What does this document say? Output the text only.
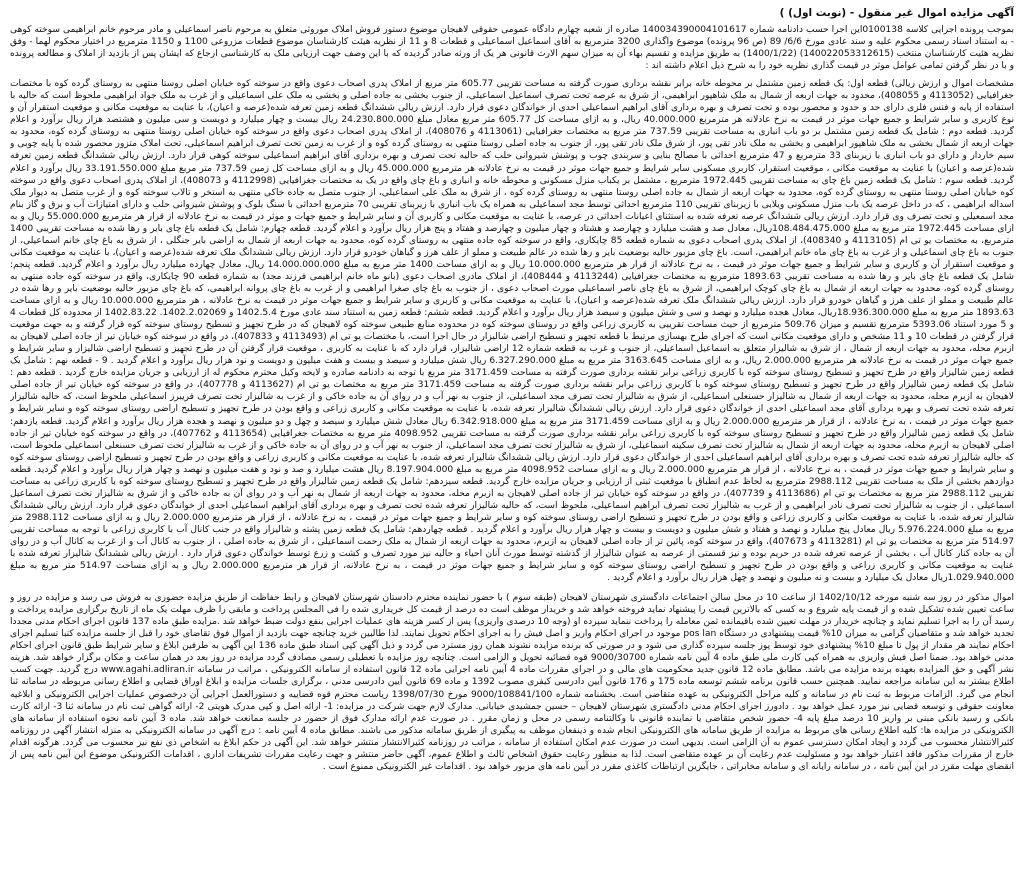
آگهی مزایده اموال غیر منقول - (نوبت اول) )

بموجب پرونده اجرایی کلاسه 0100138این اجرا حسب دادنامه شماره 140034390004101617 صادره از شعبه چهارم دادگاه عمومی حقوقی لاهیجان موضوع دستور فروش املاک موروثی متعلق به مرحوم ناصر اسماعیلی و مادر مرحوم خانم ابراهیمی سوخته کوهی - به استناد اسناد رسمی محکوم علیه و سند عادی مورخ 6/6/ 89 (ص 96 پرونده) موضوع واگذاری 3200 مترمربع به آقای اسماعیل اسماعیلی و قطعات 8 و 11 از نظریه هیئت کارشناسان موضوع قطعات مزروعی 1100 و 1150 مترمربع در اختیار محکوم لهما - وفق نظریه هئیت کارشناسان منتخب (140022053312615) (1400/1/22) به طریق مزایده و تقسیم بهاء آن به میزان سهم الارث قانونی هر یک از ورثه صادر گردیده که با این وصف جهت ارزیابی ملک به کارشناسی ارجاع که ایشان پس از بازدید از املاک و مطالعه پرونده و با در نظر گرفتن تمامی عوامل موثر در قیمت گذاری نظریه خود را به شرح ذیل اعلام داشته اند :

مشخصات اموال و ارزش ریالی) قطعه اول: یک قطعه زمین مشتمل بر محوطه خانه برابر نقشه برداری صورت گرفته به مساحت تقریبی 605.77 متر مربع از املاک پدری اصحاب دعوی واقع در سوخته کوه خیابان اصلی روستا منتهی به روستای گرده کوه با مختصات جغرافیایی (4113052 و 408055)، محدود به جهات اربعه از شمال به ملک شاهپور ابراهیمی، از شرق به عرصه تحت تصرف اسماعیل اسماعیلی، از جنوب بخشی به جاده اصلی و بخشی به ملک علی اسماعیلی و از غرب به ملک جواد ابراهیمی ملحوظ است که حالیه با استفاده از پایه و فنس فلزی دارای حد و حدود و محصور بوده و تحت تصرف و بهره برداری آقای ابراهیم اسماعیلی احدی از خواندگان دعوی قرار دارد. ارزش ریالی ششدانگ قطعه زمین تعرفه شده(عرصه و اعیان)، با عنایت به موقعیت مکانی و موقعیت استقرار آن و نوع کاربری و سایر شرایط و جمیع جهات موثر در قیمت به نرخ عادلانه هر مترمربع 40.000.000 ریال، و به ازای مساحت کل 605.77 متر مربع معادل مبلغ 24.230.800.000 ریال بیست و چهار میلیارد و دویست و سی میلیون و هشتصد هزار ریال برآورد و اعلام گردید. قطعه دوم : شامل یک قطعه زمین مشتمل بر دو باب انباری به مساحت تقریبی 737.59 متر مربع به مختصات جغرافیایی (4113061 و 408076)، از املاک پدری اصحاب دعوی واقع در سوخته کوه خیابان اصلی روستا منتهی به روستای گرده کوه، محدود به جهات اربعه از شمال بخشی به ملک شاهپور ابراهیمی و بخشی به ملک نادر تقی پور، از شرق ملک نادر تقی پور، از جنوب به جاده اصلی روستا منتهی به روستای گرده کوه و از غرب به زمین تحت تصرف ابراهیم اسماعیلی، تحت املاک متزور محصور شده با پایه چوبی و سیم خاردار و دارای دو باب انباری با زیربنای 33 مترمربع و 47 مترمربع احداثی با مصالح بنایی و سربندی چوب و پوشش شیروانی حلب که حالیه تحت تصرف و بهره برداری آقای ابراهیم اسماعیلی سوخته کوهی قرار دارد. ارزش ریالی ششدانگ قطعه زمین تعرفه شده(عرصه و اعیان) با عنایت به موقعیت مکانی ، موقعیت استقرار، کاربری مسکونی سایر شرایط و جمیع جهات موثر در قیمت به نرخ عادلانه هر مترمربع 45.000.000 ریال و به ازای مساحت کل زمین 737.59 متر مربع مبلغ 33.191.550.000 ریال برآورد و اعلام گردید. قطعه سوم : شامل یک قطعه زمین باغ چای به مساحت تقریبی 1972.445 مترمربع ، مشتمل بر یکباب منزل مسکونی و محوطه خانه و انباری و باغ چای واقع در یک به مختصات جغرافیایی (4112998 و 408073)، از املاک پدری اصحاب دعوی واقع در سوخته کوه خیابان اصلی روستا منتهی به روستای گرده کوه، محدود به جهات اربعه از شمال به جاده اصلی روستا منتهی به روستای گرده کوه ، از شرق به ملک علی اسماعیلی، از جنوب متصل به جاده خاکی منتهی به استخر و تالاب سوخته کوه و از غرب متصل به دیوار ملک اسداله ابراهیمی ، که در داخل عرصه یک باب منزل مسکونی ویلایی با زیربنای تقریبی 110 مترمربع احداثی توسط مجد اسماعیلی به همراه یک باب انباری با زیربنای تقریبی 70 مترمربع احداثی با سنگ بلوک و پوشش شیروانی حلب و دارای امتیازات آب و برق و گاز بنام مجد اسمعیلی و تحت تصرف وی قرار دارد. ارزش ریالی ششدانگ عرصه تعرفه شده به استثنای اعیانات احداثی در عرصه، با عنایت به موقعیت مکانی و کاربری آن و سایر شرایط و جمیع جهات و موثر در قیمت به نرخ عادلانه از قرار هر مترمربع 55.000.000 ریال و به ازای مساحت 1972.445 متر مربع به مبلغ 108.484.475.000ریال، معادل صد و هشت میلیارد و چهارصد و هشتاد و چهار میلیون و چهارصد و هفتاد و پنج هزار ریال برآورد و اعلام گردید. قطعه چهارم: شامل یک قطعه باغ چای بایر و رها شده به مساحت تقریبی 1400 مترمربع، به مختصات یو تی ام (4113105 و 408340)، از املاک پدری اصحاب دعوی به شماره قطعه 85 چایکاری، واقع در سوخته کوه جاده منتهی به روستای گرده کوه، محدود به جهات اربعه از شمال به اراضی بایر جنگلی ، از شرق به باغ چای خانم اسماعیلی، از جنوب به باغ چای اسماعیلی و از غرب به باغ چای ماه خانم ابراهیمی، است. باغ چای مزبور حالیه بوضعیت بایر و رها شده در عالم طبیعت و مملو از علف هرز و گیاهان خودرو قرار دارد. ارزش ریالی ششدانگ ملک تعرفه شده(عرصه و اعیان)، با عنایت به موقعیت مکانی و موقعیت استقرار آن و کاربری و سایر شرایط و جمیع جهات موثر در قیمت ، به نرخ عادلانه از قرار هر مترمربع 10.000.000 ریال و به ازای مساحت 1400 متر مربع به مبلغ 14.000.000.000 ریال، معادل چهارده میلیارد ریال برآورد و اعلام گردید. قطعه پنجم: شامل یک قطعه باغ چای بایر و رها شده به مساحت تقریبی 1893.63 مترمربع به مختصات جغرافیایی (4113244 و 408444)، از املاک مادری اصحاب دعوی (بانو ماه خانم ابراهیمی فرزند مجد) به شماره قطعه 90 چایکاری، واقع در سوخته کوه جاده منتهی به روستای گرده کوه، محدود به جهات اربعه از شمال به باغ چای کوچک ابراهیمی، از شرق به باغ چای ناصر اسماعیلی مورث اصحاب دعوی ، از جنوب به باغ چای صغرا ابراهیمی و از غرب به باغ چای پروانه ابراهیمی، که باغ چای مزبور حالیه بوضعیت بایر و رها شده در عالم طبیعت و مملو از علف هرز و گیاهان خودرو قرار دارد. ارزش ریالی ششدانگ ملک تعرفه شده(عرصه و اعیان)، با عنایت به موقعیت مکانی و کاربری و سایر شرایط و جمیع جهات موثر در قیمت به نرخ عادلانه ، هر مترمربع 10.000.000 ریال و به ازای مساحت 1893.63 متر مربع به مبلغ 18.936.300.000ریال، معادل هجده میلیارد و نهصد و سی و شش میلیون و سیصد هزار ریال برآورد و اعلام گردید. قطعه ششم: قطعه زمین به استناد سند عادی مورخ 1402.5.4 و 1402.2.02069. 1402.83.22 از محدوده کل قطعات 4 و 5 مورد استناد 5393.06 مترمربع تقسیم و میزان 509.76 مترمربع از حیث مساحت تقریبی به کاربری زراعی واقع در روستای سوخته کوه در محدوده منابع طبیعی سوخته کوه لاهیجان که در طرح تجهیز و تسطیح روستای سوخته کوه قرار گرفته و به جهت موقعیت قرار گرفتن در قطعات 10 و 11 مشخص و دارای موقعیت مکانی است که اجرای طرح بهسازی مرتبط با قطعه تجهیز و تسطیح اراضی شالیزار در حال اجرا است، با مختصات یو تی ام (4113493 و 407833)، در واقع در سوخته کوه خیابان تیر از جاده اصلی لاهیجان به ازبرم محله، محدود به جهات اربعه از شمال ، از شرق به شالیزار متعلق به اسماعیل اسماعیلی، از جنوب و غرب به قطعه شماره 12 اراضی شالیزار، قرار دارد که با عنایت به کاربری ، موقعیت قرار گرفتن آن در طرح تجهیز و تسطیح اراضی شالیزار و سایر شرایط و جمیع جهات موثر در قیمت به نرخ عادلانه هر مترمربع 2.000.000 ریال، و به ازای مساحت 3163.645 متر مربع به مبلغ 6.327.290.000 ریال شش میلیارد و سیصد و بیست و هفت میلیون و دویست و نود هزار ریال برآورد و اعلام گردید . 9 - قطعه نهم : شامل یک قطعه زمین شالیزار واقع در طرح تجهیز و تسطیح روستای سوخته کوه با کاربری زراعی برابر نقشه برداری صورت گرفته به مساحت 3171.459 متر مربع با توجه به دادنامه صادره و لایحه وکیل محترم محکوم له از ارزیابی و جریان مزایده خارج گردید . قطعه دهم : شامل یک قطعه زمین شالیزار واقع در طرح تجهیز و تسطیح روستای سوخته کوه با کاربری زراعی برابر نقشه برداری صورت گرفته به مساحت 3171.459 متر مربع به مختصات یو تی ام (4113627 و 407778)، در واقع در سوخته کوه خیابان تیر از جاده اصلی لاهیجان به ازبرم محله، محدود به جهات اربعه از شمال به شالیزار حسنعلی اسماعیلی، از شرق به شالیزار تحت تصرف مجد اسماعیلی، از جنوب به نهر آب و در روای آن به جاده خاکی و از غرب به شالیزار تحت تصرف فریبرز اسماعیلی ملحوظ است، که حالیه شالیزار تعرفه شده تحت تصرف و بهره برداری آقای مجد اسماعیلی احدی از خواندگان دعوی قرار دارد. ارزش ریالی ششدانگ شالیزار تعرفه شده، با عنایت به موقعیت مکانی و کاربری زراعی و واقع بودن در طرح تجهیز و تسطیح اراضی روستای سوخته کوه و سایر شرایط و جمیع جهات موثر در قیمت ، به نرخ عادلانه ، از قرار هر مترمربع 2.000.000 ریال و به ازای مساحت 3171.459 متر مربع به مبلغ 6.342.918.000 ریال معادل شش میلیارد و سیصد و چهل و دو میلیون و نهصد و هجده هزار ریال برآورد و اعلام گردید. قطعه یازدهم: شامل یک قطعه زمین شالیزار واقع در طرح تجهیز و تسطیح روستای سوخته کوه با کاربری زراعی برابر نقشه برداری صورت گرفته به مساحت تقریبی 4098.952 متر مربع به مختصات جغرافیایی (4113654 و 407762)، در واقع در سوخته کوه خیابان تیر از جاده اصلی لاهیجان به ازبرم محله، محدود به جهات اربعه از شمال به شالیزار تحت تصرف سکینه اسماعیلی، از شرق به شالیزار تحت تصرف مجد اسماعیلی، از جنوب به نهر آب و در روای آن به جاده خاکی و از غرب به شالیزار تحت تصرف حسنعلی اسماعیلی ملحوظ است، که حالیه شالیزار تعرفه شده تحت تصرف و بهره برداری آقای ابراهیم اسماعیلی احدی از خواندگان دعوی قرار دارد. ارزش ریالی ششدانگ شالیزار تعرفه شده، با عنایت به موقعیت مکانی و کاربری زراعی و واقع بودن در طرح تجهیز و تسطیح اراضی روستای سوخته کوه و سایر شرایط و جمیع جهات موثر در قیمت ، به نرخ عادلانه ، از قرار هر مترمربع 2.000.000 ریال و به ازای مساحت 4098.952 متر مربع به مبلغ 8.197.904.000 ریال هشت میلیارد و صد و نود و هفت میلیون و نهصد و چهار هزار ریال برآورد و اعلام گردید. قطعه دوازدهم بخشی از ملک به مساحت تقریبی 2988.112 مترمربع به لحاظ عدم انطباق با موقعیت ثبتی از ارزیابی و جریان مزایده خارج گردید. قطعه سیزدهم: شامل یک قطعه زمین شالیزار واقع در طرح تجهیز و تسطیح روستای سوخته کوه با کاربری زراعی به مساحت تقریبی 2988.112 متر مربع به مختصات یو تی ام (4113686 و 407739)، در واقع در سوخته کوه خیابان تیر از جاده اصلی لاهیجان به ازبرم محله، محدود به جهات اربعه از شمال به نهر آب و در روای آن به جاده خاکی و از شرق به شالیزار تحت تصرف اسماعیل اسماعیلی ، از جنوب به شالیزار تحت تصرف نادر ابراهیمی و از غرب به شالیزار تحت تصرف ابراهیم اسماعیلی، ملحوظ است، که حالیه شالیزار تعرفه شده تحت تصرف و بهره برداری آقای ابراهیم اسماعیلی احدی از خواندگان دعوی قرار دارد. ارزش ریالی ششدانگ شالیزار تعرفه شده، با عنایت به موقعیت مکانی و کاربری زراعی و واقع بودن در طرح تجهیز و تسطیح اراضی روستای سوخته کوه و سایر شرایط و جمیع جهات موثر در قیمت ، به نرخ عادلانه ، از قرار هر مترمربع 2.000.000 ریال و به ازای مساحت 2988.112 متر مربع به مبلغ 5.976.224.000 ریال معادل پنج میلیارد و نهصد و هفتاد و شش میلیون و دویست و بیست و چهار هزار ریال برآورد و اعلام گردید . قطعه چهاردهم: شامل یک قطعه زمین پشته و شالیزار واقع در جنب کانال آب با کاربری زراعی با توجه به مساحت تقریبی 514.97 متر مربع به مختصات یو تی ام (4113281 و 407673)، واقع در سوخته کوه، پائین تر از جاده اصلی لاهیجان به ازبرم، محدود به جهات اربعه از شمال به ملک رحمت اسماعیلی ، از شرق به جاده اصلی ، از جنوب به کانال آب و از غرب به کانال آب و در روای آن به جاده کنار کانال آب ، بخشی از عرصه تعرفه شده در حریم بوده و نیز قسمتی از عرصه به عنوان شالیزار از گذشته توسط مورث آنان احیاء و حالیه نیز مورد تصرف و کشت و زرع توسط خواندگان دعوی قرار دارد . ارزش ریالی ششدانگ شالیزار تعرفه شده با عنایت به موقعیت مکانی و کاربری زراعی و واقع بودن در طرح تجهیز و تسطیح اراضی روستای سوخته کوه و سایر شرایط و جمیع جهات موثر در قیمت ، به نرخ عادلانه، از قرار هر مترمربع 2.000.000 ریال و به ازای مساحت 514.97 متر مربع به مبلغ 1.029.940.000ریال معادل یک میلیارد و بیست و نه میلیون و نهصد و چهل هزار ریال برآورد و اعلام گردید .

اموال مذکور در روز سه شنبه مورخه 1402/10/12 از ساعت 10 در محل سالن اجتماعات دادگستری شهرستان لاهیجان (طبقه سوم ) با حضور نماینده محترم دادستان شهرستان لاهیجان و رابط حفاظت از طریق مزایده حضوری به فروش می رسد و مزایده در روز و ساعت تعیین شده تشکیل شده و از قیمت پایه شروع و به کسی که بالاترین قیمت را پیشنهاد نماید فروخته خواهد شد و خریدار موظف است ده درصد از قیمت کل خریداری شده را فی المجلس پرداخت و مابقی را ظرف مهلت یک ماه از تاریخ برگزاری مزایده پرداخت و رسید آن را به اجرا تسلیم نماید و چنانچه خریدار در مهلت تعیین شده باقیمانده ثمن معامله را پرداخت ننماید سپرده او (وجه 10 درصدی واریزی) پس از کسر هزینه های عملیات اجرایی بنفع دولت ضبط خواهد شد .مزایده طبق ماده 137 قانون اجرای احکام مدنی مجددا تجدید خواهد شد و متقاضیان گرامی به میزان 10% قیمت پیشنهادی در دستگاه pos lan موجود در اجرای احکام واریز و اصل فیش را به اجرای احکام تحویل نمایند. لذا طالبین خرید چنانچه جهت بازدید از اموال فوق تقاضای خود را قبل از جلسه مزایده کتبا تسلیم اجرای احکام نمایند هر مقدار از پول تا مبلغ 10% پیشنهادی خود توسط پوز جلسه سپرده گذاری می شود و در صورتی که برنده مزایده نشوند همان روز مسترد می گردد و ذیل آگهی کپی اسناد طبق ماده 136 این آگهی به طرفین ابلاغ و سایر شرایط طبق قانون اجرای احکام مدنی خواهد بود. ضمنا اصل فیش واریزی به همراه کپی کارت ملی طبق ماده 4 آیین نامه شماره 9000/30700 قوه قضائیه تحویل و الزامی است. چنانچه روز مزایده با تعطیلی رسمی مصادف گردد مزایده در روز بعد در همان ساعت و مکان برگزار خواهد شد. هزینه نشر آگهی و حق المزایده بعهده برنده مزایده می باشد. مطابق ماده 12 قانون جدید محکومیت های مالی و در اجرای مقررات ماده 4 آیین نامه اجرایی ماده 12 قانون استفاده از سامانه الکترونیکی ، مراتب در سامانه www.agahi.adliran.ir درج گردید. جهت کسب اطلاع بیشتر به این سامانه مراجعه نمایید. همچنین حسب قانون برنامه ششم توسعه ماده 175 و 176 قانون آیین دادرسی کیفری مصوب 1392 و ماده 69 قانون آیین دادرسی مدنی ، برگزاری جلسات مزایده و ابلاغ اوراق قضایی و اطلاع رسانی مربوطه در سامانه ثنا انجام می گیرد. الزامات مربوط به ثبت نام در سامانه و کلیه مراحل الکترونیکی به عهده متقاضی است. بخشنامه شماره 9000/108841/100 مورخ 1398/07/30 ریاست محترم قوه قضاییه و دستورالعمل اجرایی آن درخصوص عملیات اجرایی الکترونیکی و ابلاغیه معاونت حقوقی و توسعه قضایی نیز مورد عمل خواهد بود . دادورز اجرای احکام مدنی دادگستری شهرستان لاهیجان – حسین جمشیدی خیابانی. مدارک لازم جهت شرکت در مزایده: 1- ارائه اصل و کپی مدرک هویتی 2- ارائه گواهی ثبت نام در سامانه ثنا 3- ارائه کارت بانکی و رسید بانکی مبنی بر واریز 10 درصد مبلغ پایه 4- حضور شخص متقاضی یا نماینده قانونی با وکالتنامه رسمی در محل و زمان مقرر . در صورت عدم ارائه مدارک فوق از حضور در جلسه ممانعت خواهد شد. ماده 3 آیین نامه نحوه استفاده از سامانه های الکترونیکی در مزایده ها: کلیه اطلاع رسانی های مربوط به مزایده از طریق سامانه های الکترونیکی انجام شده و ذینفعان موظف به پیگیری از طریق سامانه مذکور می باشند. مطابق ماده 4 آیین نامه : درج آگهی در سامانه الکترونیکی به منزله انتشار آگهی در روزنامه کثیرالانتشار محسوب می گردد و ایجاد امکان دسترسی عموم به آن الزامی است. بدیهی است در صورت عدم امکان استفاده از سامانه ، مراتب در روزنامه کثیرالانتشار منتشر خواهد شد. این آگهی در حکم ابلاغ به اشخاص ذی نفع نیز محسوب می گردد. هرگونه اقدام خارج از مقررات مذکور فاقد اعتبار خواهد بود و مسئولیت عدم رعایت آن بر عهده متقاضی است. لذا به منظور رعایت حقوق اشخاص ثالث و اطلاع عموم، آگهی حاضر منتشر و جهت رعایت مقررات تشریفات اداری ، اقدامات الکترونیکی موضوع این آیین نامه پس از انقضای مهلت مقرر در این آیین نامه ، در سامانه رایانه ای و سامانه مخابراتی ، جایگزین ارتباطات کاغذی مقرر در آیین نامه های مزبور خواهد بود . اقدامات غیر الکترونیکی ممنوع است .
